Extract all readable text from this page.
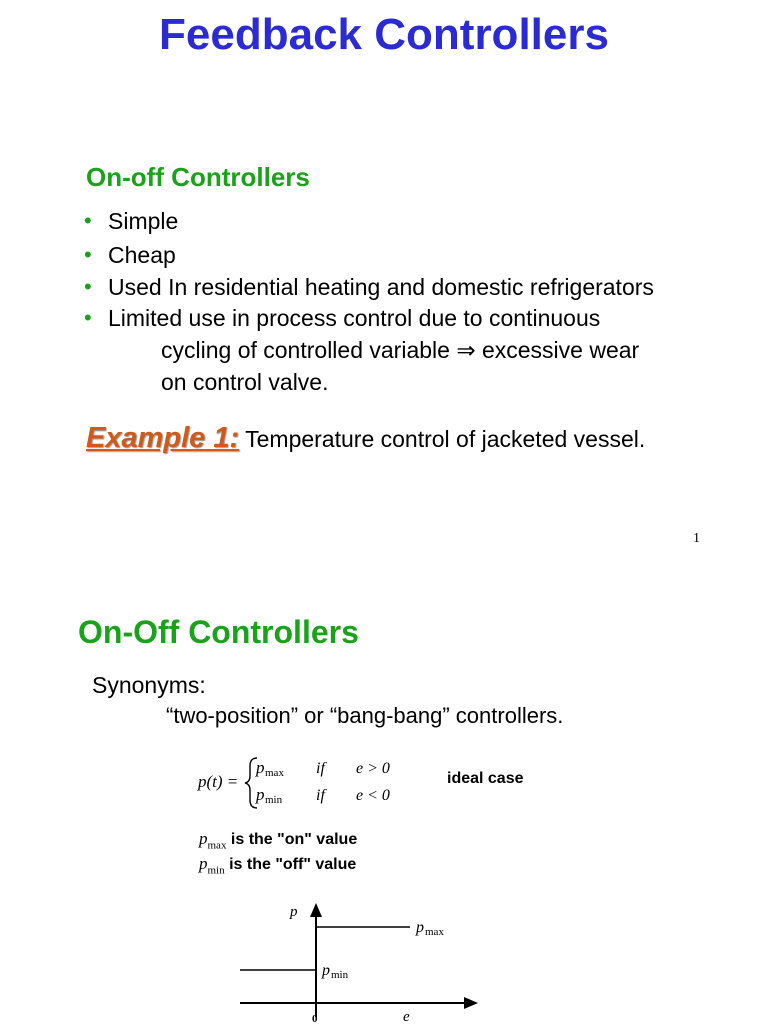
Feedback Controllers
On-off Controllers
• Simple
• Cheap
• Used In residential heating and domestic refrigerators
• Limited use in process control due to continuous
cycling of controlled variable ⇒ excessive wear
on control valve.
Example 1: Temperature control of jacketed vessel.
1
On-Off Controllers
Synonyms:
“two-position” or “bang-bang” controllers.
p(t) =
p max if e > 0
p min if e < 0
ideal case
$p_{max}$ is the "on" value
$p_{min}$ is the "off" value
p
e
0
p max
p min
